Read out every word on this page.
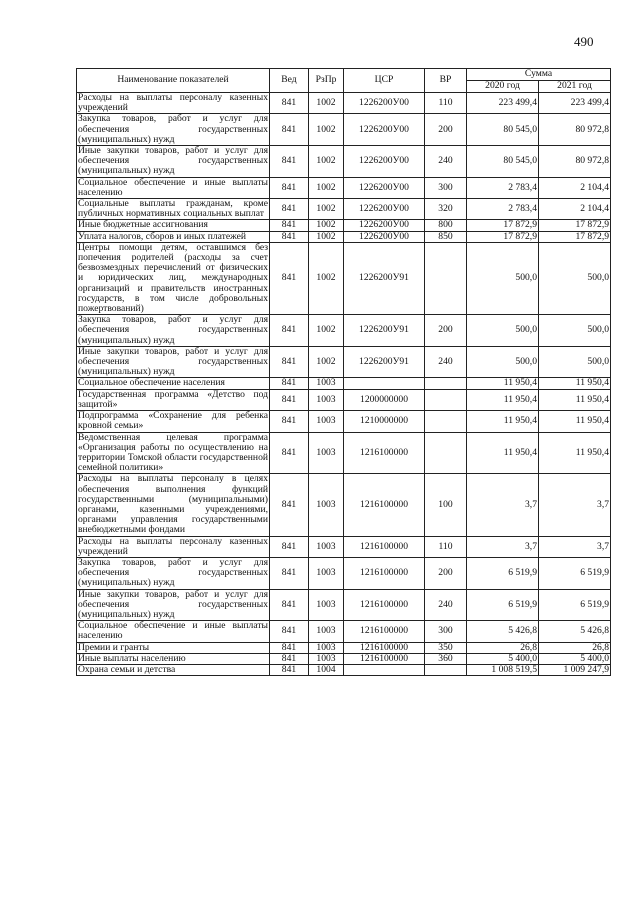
490
Наименование показателей	Вед	РзПр	ЦСР	ВР	Сумма	
					2020 год	2021 год
Расходы на выплаты персоналу казенных учреждений	841	1002	1226200У00	110	223 499,4	223 499,4
Закупка товаров, работ и услуг для обеспечения государственных (муниципальных) нужд	841	1002	1226200У00	200	80 545,0	80 972,8
Иные закупки товаров, работ и услуг для обеспечения государственных (муниципальных) нужд	841	1002	1226200У00	240	80 545,0	80 972,8
Социальное обеспечение и иные выплаты населению	841	1002	1226200У00	300	2 783,4	2 104,4
Социальные выплаты гражданам, кроме публичных нормативных социальных выплат	841	1002	1226200У00	320	2 783,4	2 104,4
Иные бюджетные ассигнования	841	1002	1226200У00	800	17 872,9	17 872,9
Уплата налогов, сборов и иных платежей	841	1002	1226200У00	850	17 872,9	17 872,9
Центры помощи детям, оставшимся без попечения родителей (расходы за счет безвозмездных перечислений от физических и юридических лиц, международных организаций и правительств иностранных государств, в том числе добровольных пожертвований)	841	1002	1226200У91		500,0	500,0
Закупка товаров, работ и услуг для обеспечения государственных (муниципальных) нужд	841	1002	1226200У91	200	500,0	500,0
Иные закупки товаров, работ и услуг для обеспечения государственных (муниципальных) нужд	841	1002	1226200У91	240	500,0	500,0
Социальное обеспечение населения	841	1003			11 950,4	11 950,4
Государственная программа «Детство под защитой»	841	1003	1200000000		11 950,4	11 950,4
Подпрограмма «Сохранение для ребенка кровной семьи»	841	1003	1210000000		11 950,4	11 950,4
Ведомственная целевая программа «Организация работы по осуществлению на территории Томской области государственной семейной политики»	841	1003	1216100000		11 950,4	11 950,4
Расходы на выплаты персоналу в целях обеспечения выполнения функций государственными (муниципальными) органами, казенными учреждениями, органами управления государственными внебюджетными фондами	841	1003	1216100000	100	3,7	3,7
Расходы на выплаты персоналу казенных учреждений	841	1003	1216100000	110	3,7	3,7
Закупка товаров, работ и услуг для обеспечения государственных (муниципальных) нужд	841	1003	1216100000	200	6 519,9	6 519,9
Иные закупки товаров, работ и услуг для обеспечения государственных (муниципальных) нужд	841	1003	1216100000	240	6 519,9	6 519,9
Социальное обеспечение и иные выплаты населению	841	1003	1216100000	300	5 426,8	5 426,8
Премии и гранты	841	1003	1216100000	350	26,8	26,8
Иные выплаты населению	841	1003	1216100000	360	5 400,0	5 400,0
Охрана семьи и детства	841	1004			1 008 519,5	1 009 247,9
